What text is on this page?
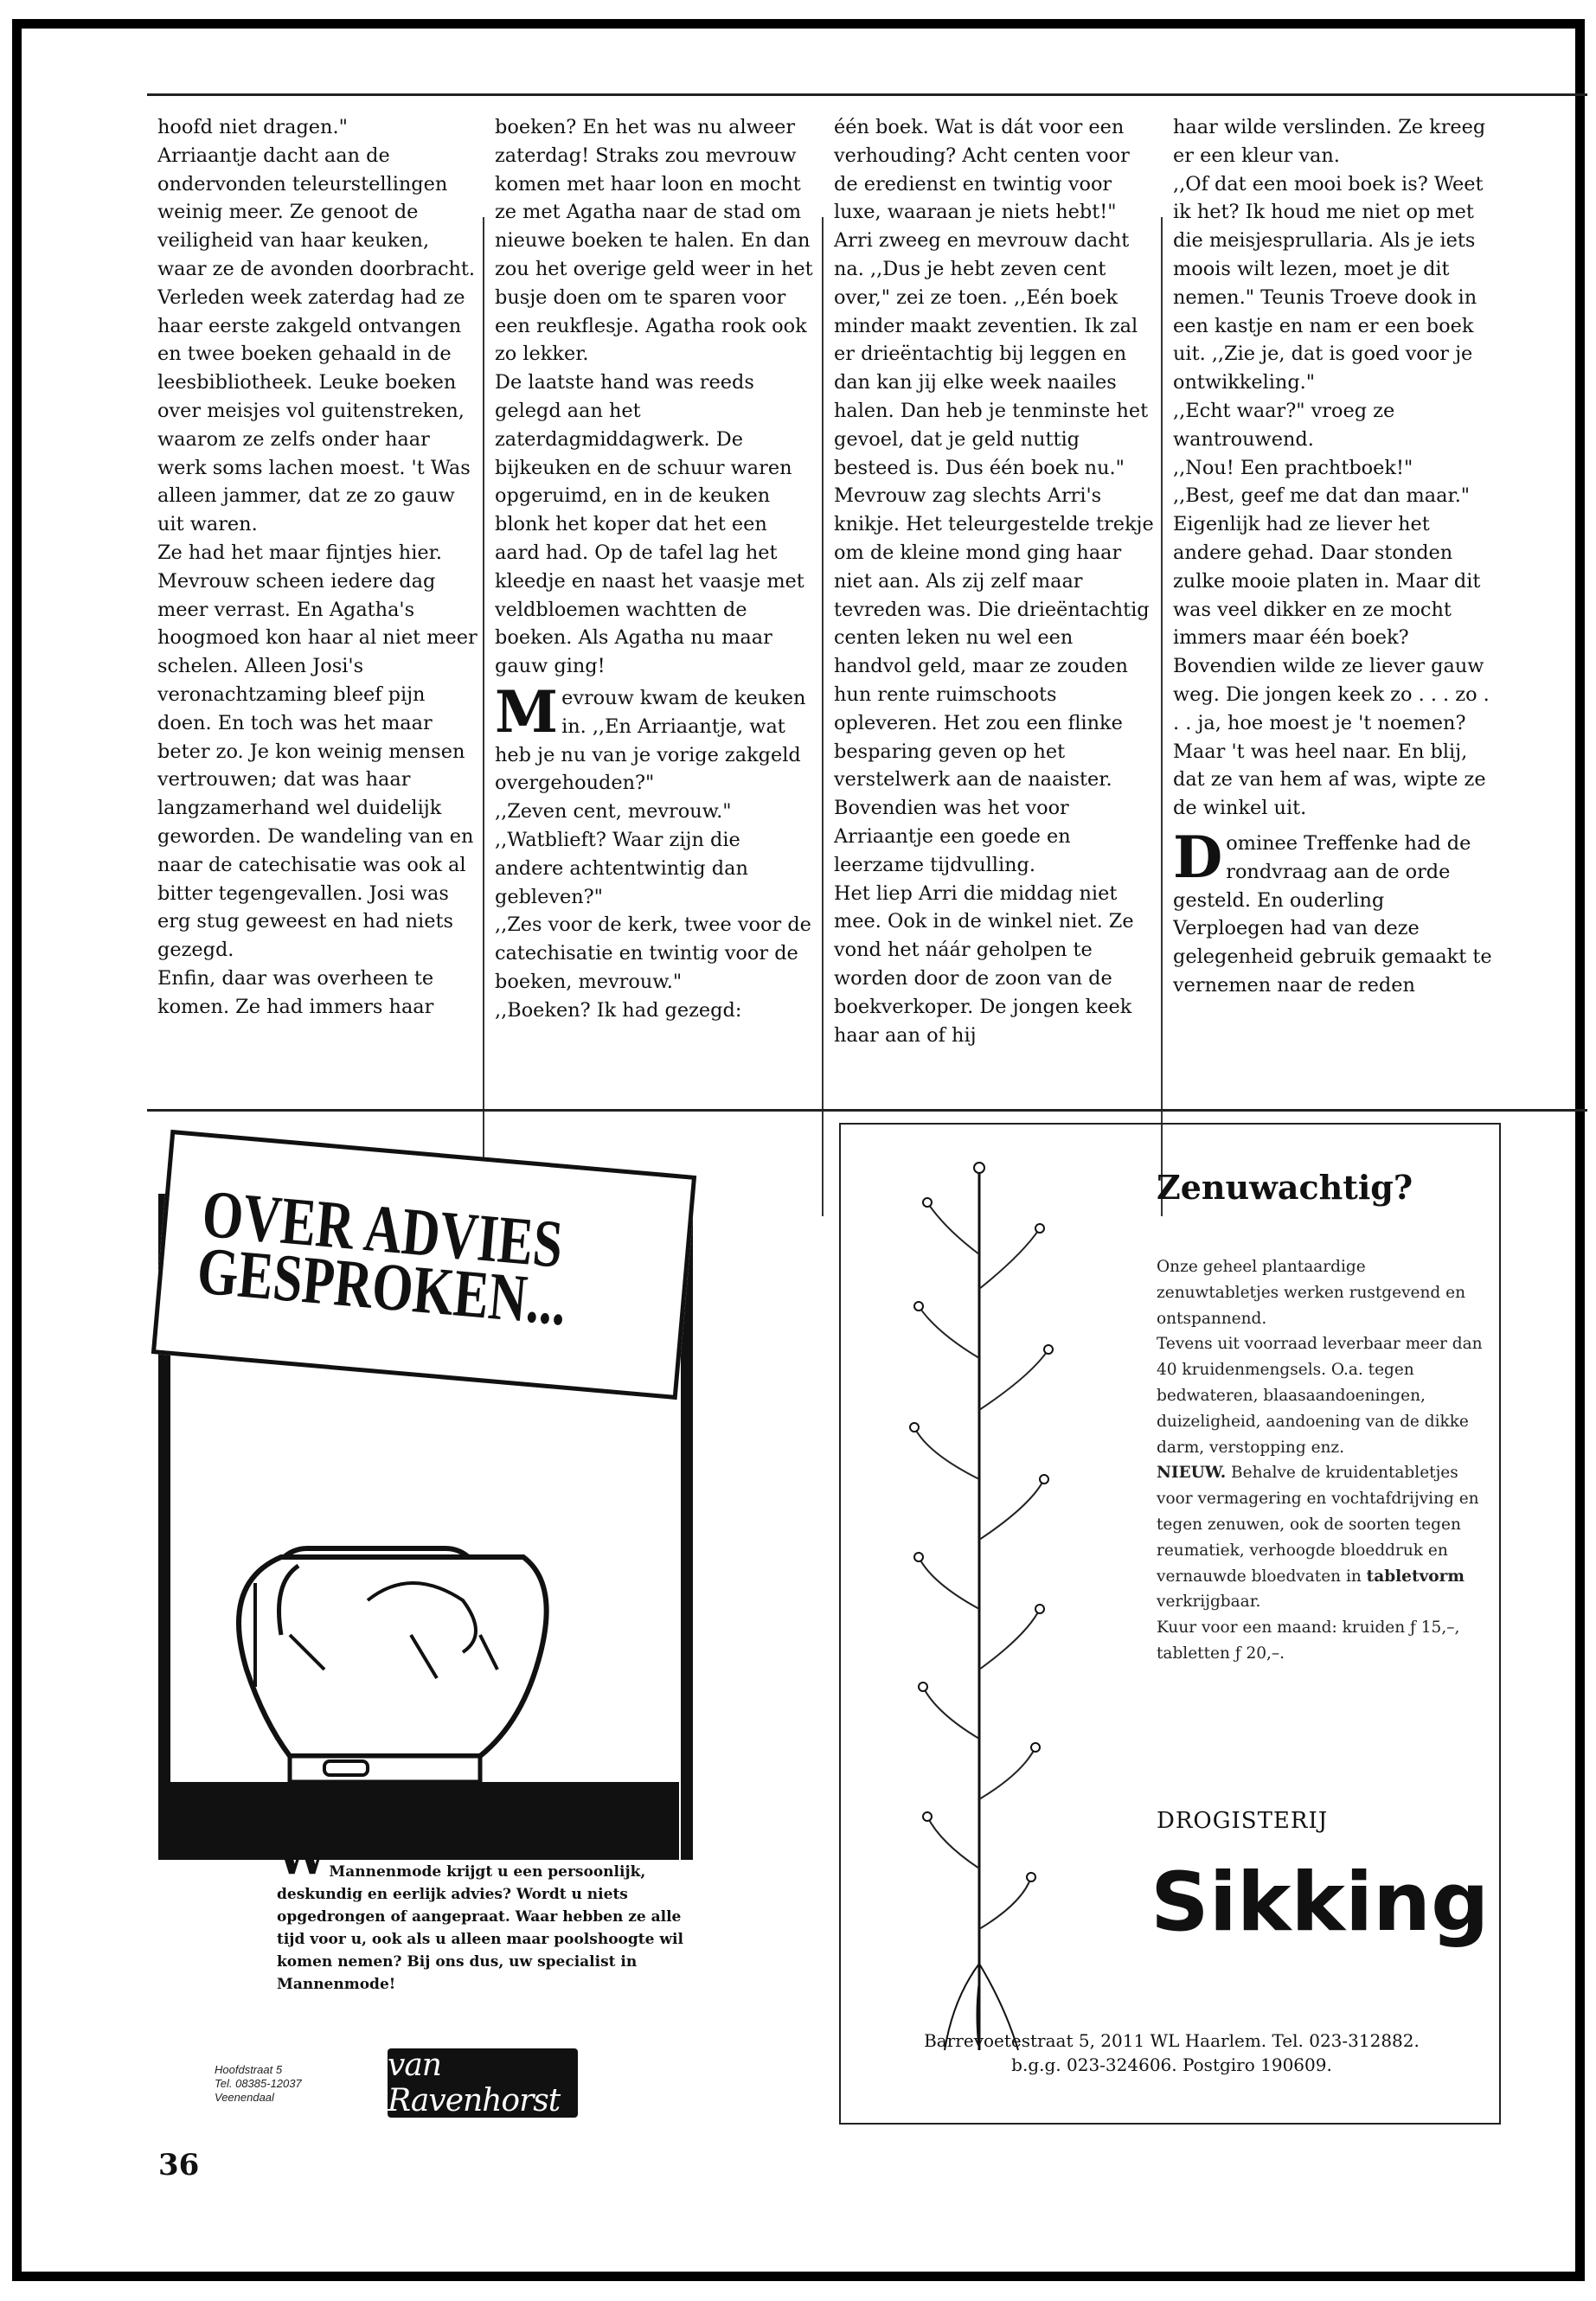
hoofd niet dragen."

Arriaantje dacht aan de ondervonden teleurstellingen weinig meer. Ze genoot de veiligheid van haar keuken, waar ze de avonden doorbracht. Verleden week zaterdag had ze haar eerste zakgeld ontvangen en twee boeken gehaald in de leesbibliotheek. Leuke boeken over meisjes vol guitenstreken, waarom ze zelfs onder haar werk soms lachen moest. 't Was alleen jammer, dat ze zo gauw uit waren.

Ze had het maar fijntjes hier. Mevrouw scheen iedere dag meer verrast. En Agatha's hoogmoed kon haar al niet meer schelen. Alleen Josi's veronachtzaming bleef pijn doen. En toch was het maar beter zo. Je kon weinig mensen vertrouwen; dat was haar langzamerhand wel duidelijk geworden. De wandeling van en naar de catechisatie was ook al bitter tegengevallen. Josi was erg stug geweest en had niets gezegd.

Enfin, daar was overheen te komen. Ze had immers haar

boeken? En het was nu alweer zaterdag! Straks zou mevrouw komen met haar loon en mocht ze met Agatha naar de stad om nieuwe boeken te halen. En dan zou het overige geld weer in het busje doen om te sparen voor een reukflesje. Agatha rook ook zo lekker.

De laatste hand was reeds gelegd aan het zaterdagmiddagwerk. De bijkeuken en de schuur waren opgeruimd, en in de keuken blonk het koper dat het een aard had. Op de tafel lag het kleedje en naast het vaasje met veldbloemen wachtten de boeken. Als Agatha nu maar gauw ging!

M evrouw kwam de keuken in. ,,En Arriaantje, wat heb je nu van je vorige zakgeld overgehouden?"

,,Zeven cent, mevrouw."

,,Watblieft? Waar zijn die andere achtentwintig dan gebleven?"

,,Zes voor de kerk, twee voor de catechisatie en twintig voor de boeken, mevrouw."

,,Boeken? Ik had gezegd:

één boek. Wat is dát voor een verhouding? Acht centen voor de eredienst en twintig voor luxe, waaraan je niets hebt!"

Arri zweeg en mevrouw dacht na. ,,Dus je hebt zeven cent over," zei ze toen. ,,Eén boek minder maakt zeventien. Ik zal er drieëntachtig bij leggen en dan kan jij elke week naailes halen. Dan heb je tenminste het gevoel, dat je geld nuttig besteed is. Dus één boek nu."

Mevrouw zag slechts Arri's knikje. Het teleurgestelde trekje om de kleine mond ging haar niet aan. Als zij zelf maar tevreden was. Die drieëntachtig centen leken nu wel een handvol geld, maar ze zouden hun rente ruimschoots opleveren. Het zou een flinke besparing geven op het verstelwerk aan de naaister. Bovendien was het voor Arriaantje een goede en leerzame tijdvulling.

Het liep Arri die middag niet mee. Ook in de winkel niet. Ze vond het náár geholpen te worden door de zoon van de boekverkoper. De jongen keek haar aan of hij

haar wilde verslinden. Ze kreeg er een kleur van.

,,Of dat een mooi boek is? Weet ik het? Ik houd me niet op met die meisjesprullaria. Als je iets moois wilt lezen, moet je dit nemen." Teunis Troeve dook in een kastje en nam er een boek uit. ,,Zie je, dat is goed voor je ontwikkeling."

,,Echt waar?" vroeg ze wantrouwend.

,,Nou! Een prachtboek!"

,,Best, geef me dat dan maar."

Eigenlijk had ze liever het andere gehad. Daar stonden zulke mooie platen in. Maar dit was veel dikker en ze mocht immers maar één boek? Bovendien wilde ze liever gauw weg. Die jongen keek zo . . . zo . . . ja, hoe moest je 't noemen? Maar 't was heel naar. En blij, dat ze van hem af was, wipte ze de winkel uit.

D ominee Treffenke had de rondvraag aan de orde gesteld. En ouderling Verploegen had van deze gelegenheid gebruik gemaakt te vernemen naar de reden

OVER ADVIES
GESPROKEN...
W aar anders dan bij de speciaalzaak in Mannenmode krijgt u een persoonlijk, deskundig en eerlijk advies? Wordt u niets opgedrongen of aangepraat. Waar hebben ze alle tijd voor u, ook als u alleen maar poolshoogte wil komen nemen? Bij ons dus, uw specialist in Mannenmode!
Hoofdstraat 5
Tel. 08385-12037
Veenendaal
van Ravenhorst
Zenuwachtig?

Onze geheel plantaardige zenuwtabletjes werken rustgevend en ontspannend.

Tevens uit voorraad leverbaar meer dan 40 kruidenmengsels. O.a. tegen bedwateren, blaasaandoeningen, duizeligheid, aandoening van de dikke darm, verstopping enz.

NIEUW. Behalve de kruidentabletjes voor vermagering en vochtafdrijving en tegen zenuwen, ook de soorten tegen reumatiek, verhoogde bloeddruk en vernauwde bloedvaten in tabletvorm verkrijgbaar.

Kuur voor een maand: kruiden ƒ 15,–, tabletten ƒ 20,–.

DROGISTERIJ
Sikking
Barrevoetestraat 5, 2011 WL Haarlem. Tel. 023-312882.
b.g.g. 023-324606. Postgiro 190609.
36
